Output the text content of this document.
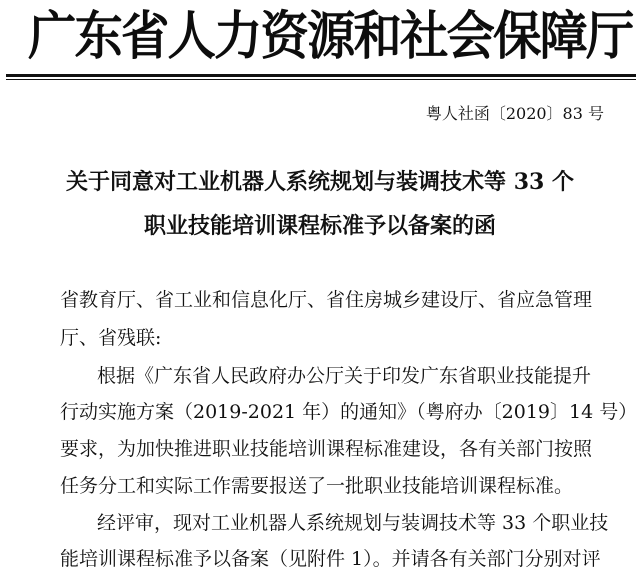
广东省人力资源和社会保障厅
粤人社函〔2020〕83 号
关于同意对工业机器人系统规划与装调技术等 33 个
职业技能培训课程标准予以备案的函
省教育厅、省工业和信息化厅、省住房城乡建设厅、省应急管理
厅、省残联:
根据《广东省人民政府办公厅关于印发广东省职业技能提升
行动实施方案（2019-2021 年）的通知》（粤府办〔2019〕14 号）
要求，为加快推进职业技能培训课程标准建设，各有关部门按照
任务分工和实际工作需要报送了一批职业技能培训课程标准。
经评审，现对工业机器人系统规划与装调技术等 33 个职业技
能培训课程标准予以备案（见附件 1）。并请各有关部门分别对评
